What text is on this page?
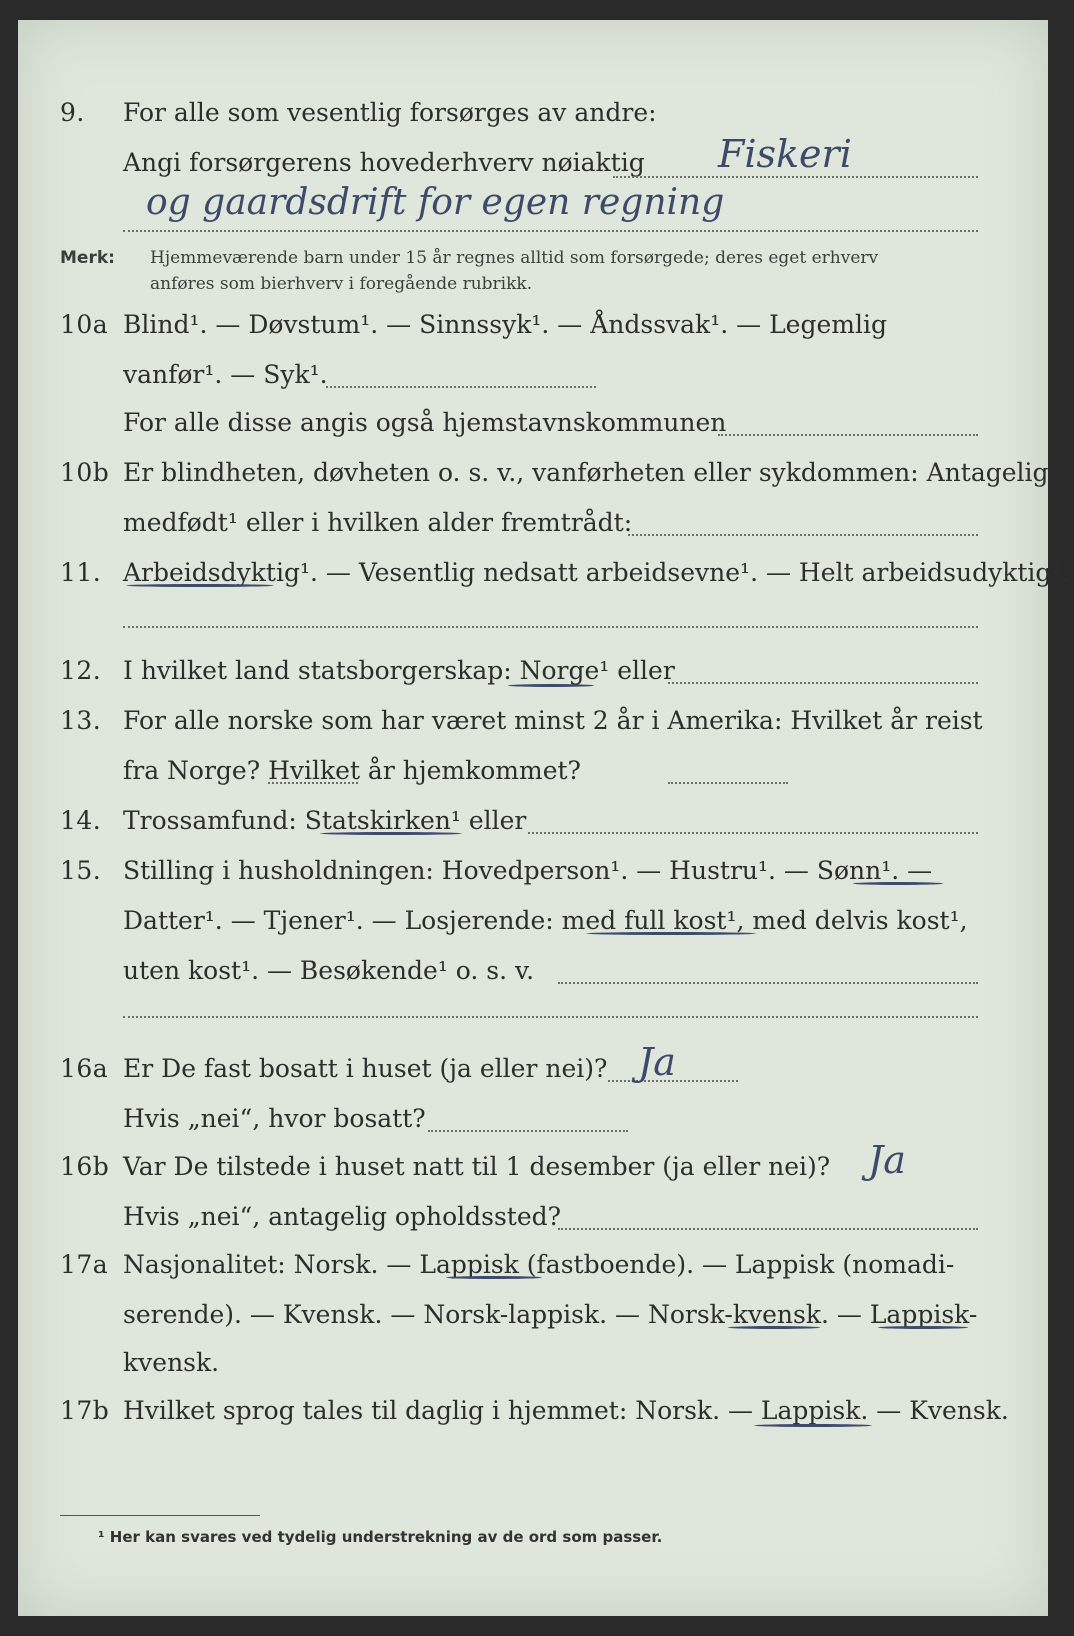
9. For alle som vesentlig forsørges av andre:
Angi forsørgerens hovederhverv nøiaktig Fiskeri
og gaardsdrift for egen regning
Merk: Hjemmeværende barn under 15 år regnes alltid som forsørgede; deres eget erhverv
anføres som bierhverv i foregående rubrikk.
10a Blind¹. — Døvstum¹. — Sinnssyk¹. — Åndssvak¹. — Legemlig
vanfør¹. — Syk¹.
For alle disse angis også hjemstavnskommunen
10b Er blindheten, døvheten o. s. v., vanførheten eller sykdommen: Antagelig
medfødt¹ eller i hvilken alder fremtrådt:
11. Arbeidsdyktig¹. — Vesentlig nedsatt arbeidsevne¹. — Helt arbeidsudyktig¹.
12. I hvilket land statsborgerskap: Norge¹ eller
13. For alle norske som har været minst 2 år i Amerika: Hvilket år reist
fra Norge? Hvilket år hjemkommet?
14. Trossamfund: Statskirken¹ eller
15. Stilling i husholdningen: Hovedperson¹. — Hustru¹. — Sønn¹. —
Datter¹. — Tjener¹. — Losjerende: med full kost¹, med delvis kost¹,
uten kost¹. — Besøkende¹ o. s. v.
16a Er De fast bosatt i huset (ja eller nei)? Ja
Hvis „nei“, hvor bosatt?
16b Var De tilstede i huset natt til 1 desember (ja eller nei)? Ja
Hvis „nei“, antagelig opholdssted?
17a Nasjonalitet: Norsk. — Lappisk (fastboende). — Lappisk (nomadi-
serende). — Kvensk. — Norsk-lappisk. — Norsk-kvensk. — Lappisk-
kvensk.
17b Hvilket sprog tales til daglig i hjemmet: Norsk. — Lappisk. — Kvensk.
¹ Her kan svares ved tydelig understrekning av de ord som passer.
